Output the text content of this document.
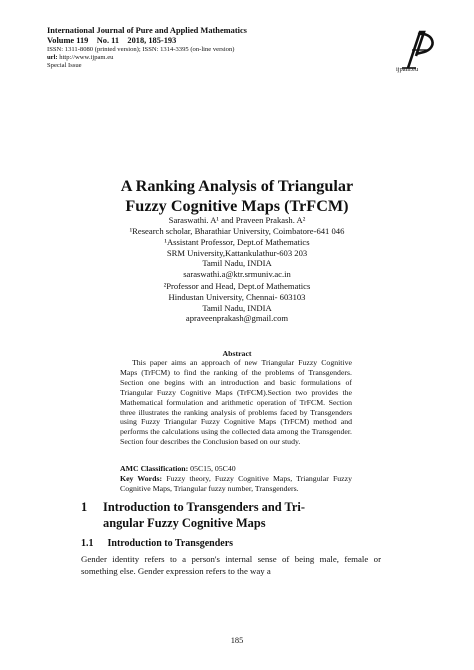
International Journal of Pure and Applied Mathematics
Volume 119    No. 11    2018, 185-193
ISSN: 1311-8080 (printed version); ISSN: 1314-3395 (on-line version)
url: http://www.ijpam.eu
Special Issue
ijpam.eu
A Ranking Analysis of Triangular
Fuzzy Cognitive Maps (TrFCM)
Saraswathi. A¹ and Praveen Prakash. A²
¹Research scholar, Bharathiar University, Coimbatore-641 046
¹Assistant Professor, Dept.of Mathematics
SRM University,Kattankulathur-603 203
Tamil Nadu, INDIA
saraswathi.a@ktr.srmuniv.ac.in
²Professor and Head, Dept.of Mathematics
Hindustan University, Chennai- 603103
Tamil Nadu, INDIA
apraveenprakash@gmail.com
Abstract
This paper aims an approach of new Triangular Fuzzy Cognitive Maps (TrFCM) to find the ranking of the problems of Transgenders. Section one begins with an introduction and basic formulations of Triangular Fuzzy Cognitive Maps (TrFCM).Section two provides the Mathematical formulation and arithmetic operation of TrFCM. Section three illustrates the ranking analysis of problems faced by Transgenders using Fuzzy Triangular Fuzzy Cognitive Maps (TrFCM) method and performs the calculations using the collected data among the Transgender. Section four describes the Conclusion based on our study.
AMC Classification: 05C15, 05C40
Key Words: Fuzzy theory, Fuzzy Cognitive Maps, Triangular Fuzzy Cognitive Maps, Triangular fuzzy number, Transgenders.
1 Introduction to Transgenders and Tri-
angular Fuzzy Cognitive Maps
1.1 Introduction to Transgenders
Gender identity refers to a person's internal sense of being male, female or something else. Gender expression refers to the way a
185
